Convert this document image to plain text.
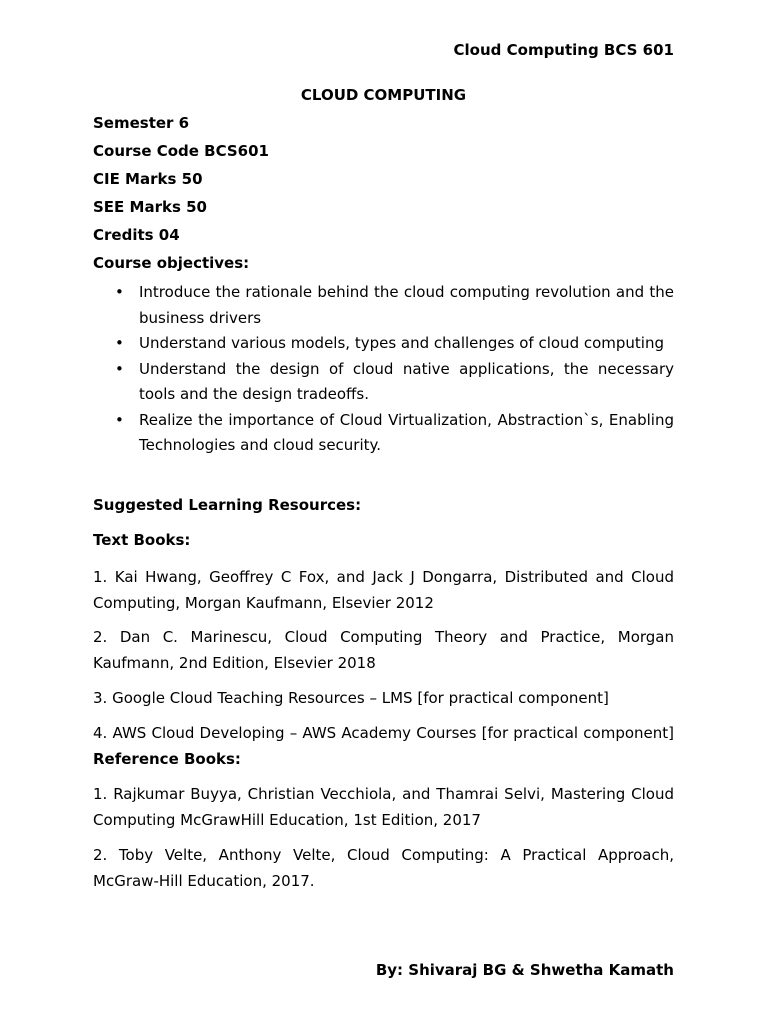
Cloud Computing BCS 601
CLOUD COMPUTING
Semester 6
Course Code BCS601
CIE Marks 50
SEE Marks 50
Credits 04
Course objectives:
• Introduce the rationale behind the cloud computing revolution and the business drivers
• Understand various models, types and challenges of cloud computing
• Understand the design of cloud native applications, the necessary tools and the design tradeoffs.
• Realize the importance of Cloud Virtualization, Abstraction`s, Enabling Technologies and cloud security.
Suggested Learning Resources:
Text Books:
1. Kai Hwang, Geoffrey C Fox, and Jack J Dongarra, Distributed and Cloud Computing, Morgan Kaufmann, Elsevier 2012
2. Dan C. Marinescu, Cloud Computing Theory and Practice, Morgan Kaufmann, 2nd Edition, Elsevier 2018
3. Google Cloud Teaching Resources – LMS [for practical component]
4. AWS Cloud Developing – AWS Academy Courses [for practical component] Reference Books:
1. Rajkumar Buyya, Christian Vecchiola, and Thamrai Selvi, Mastering Cloud Computing McGrawHill Education, 1st Edition, 2017
2. Toby Velte, Anthony Velte, Cloud Computing: A Practical Approach, McGraw-Hill Education, 2017.
By: Shivaraj BG & Shwetha Kamath
